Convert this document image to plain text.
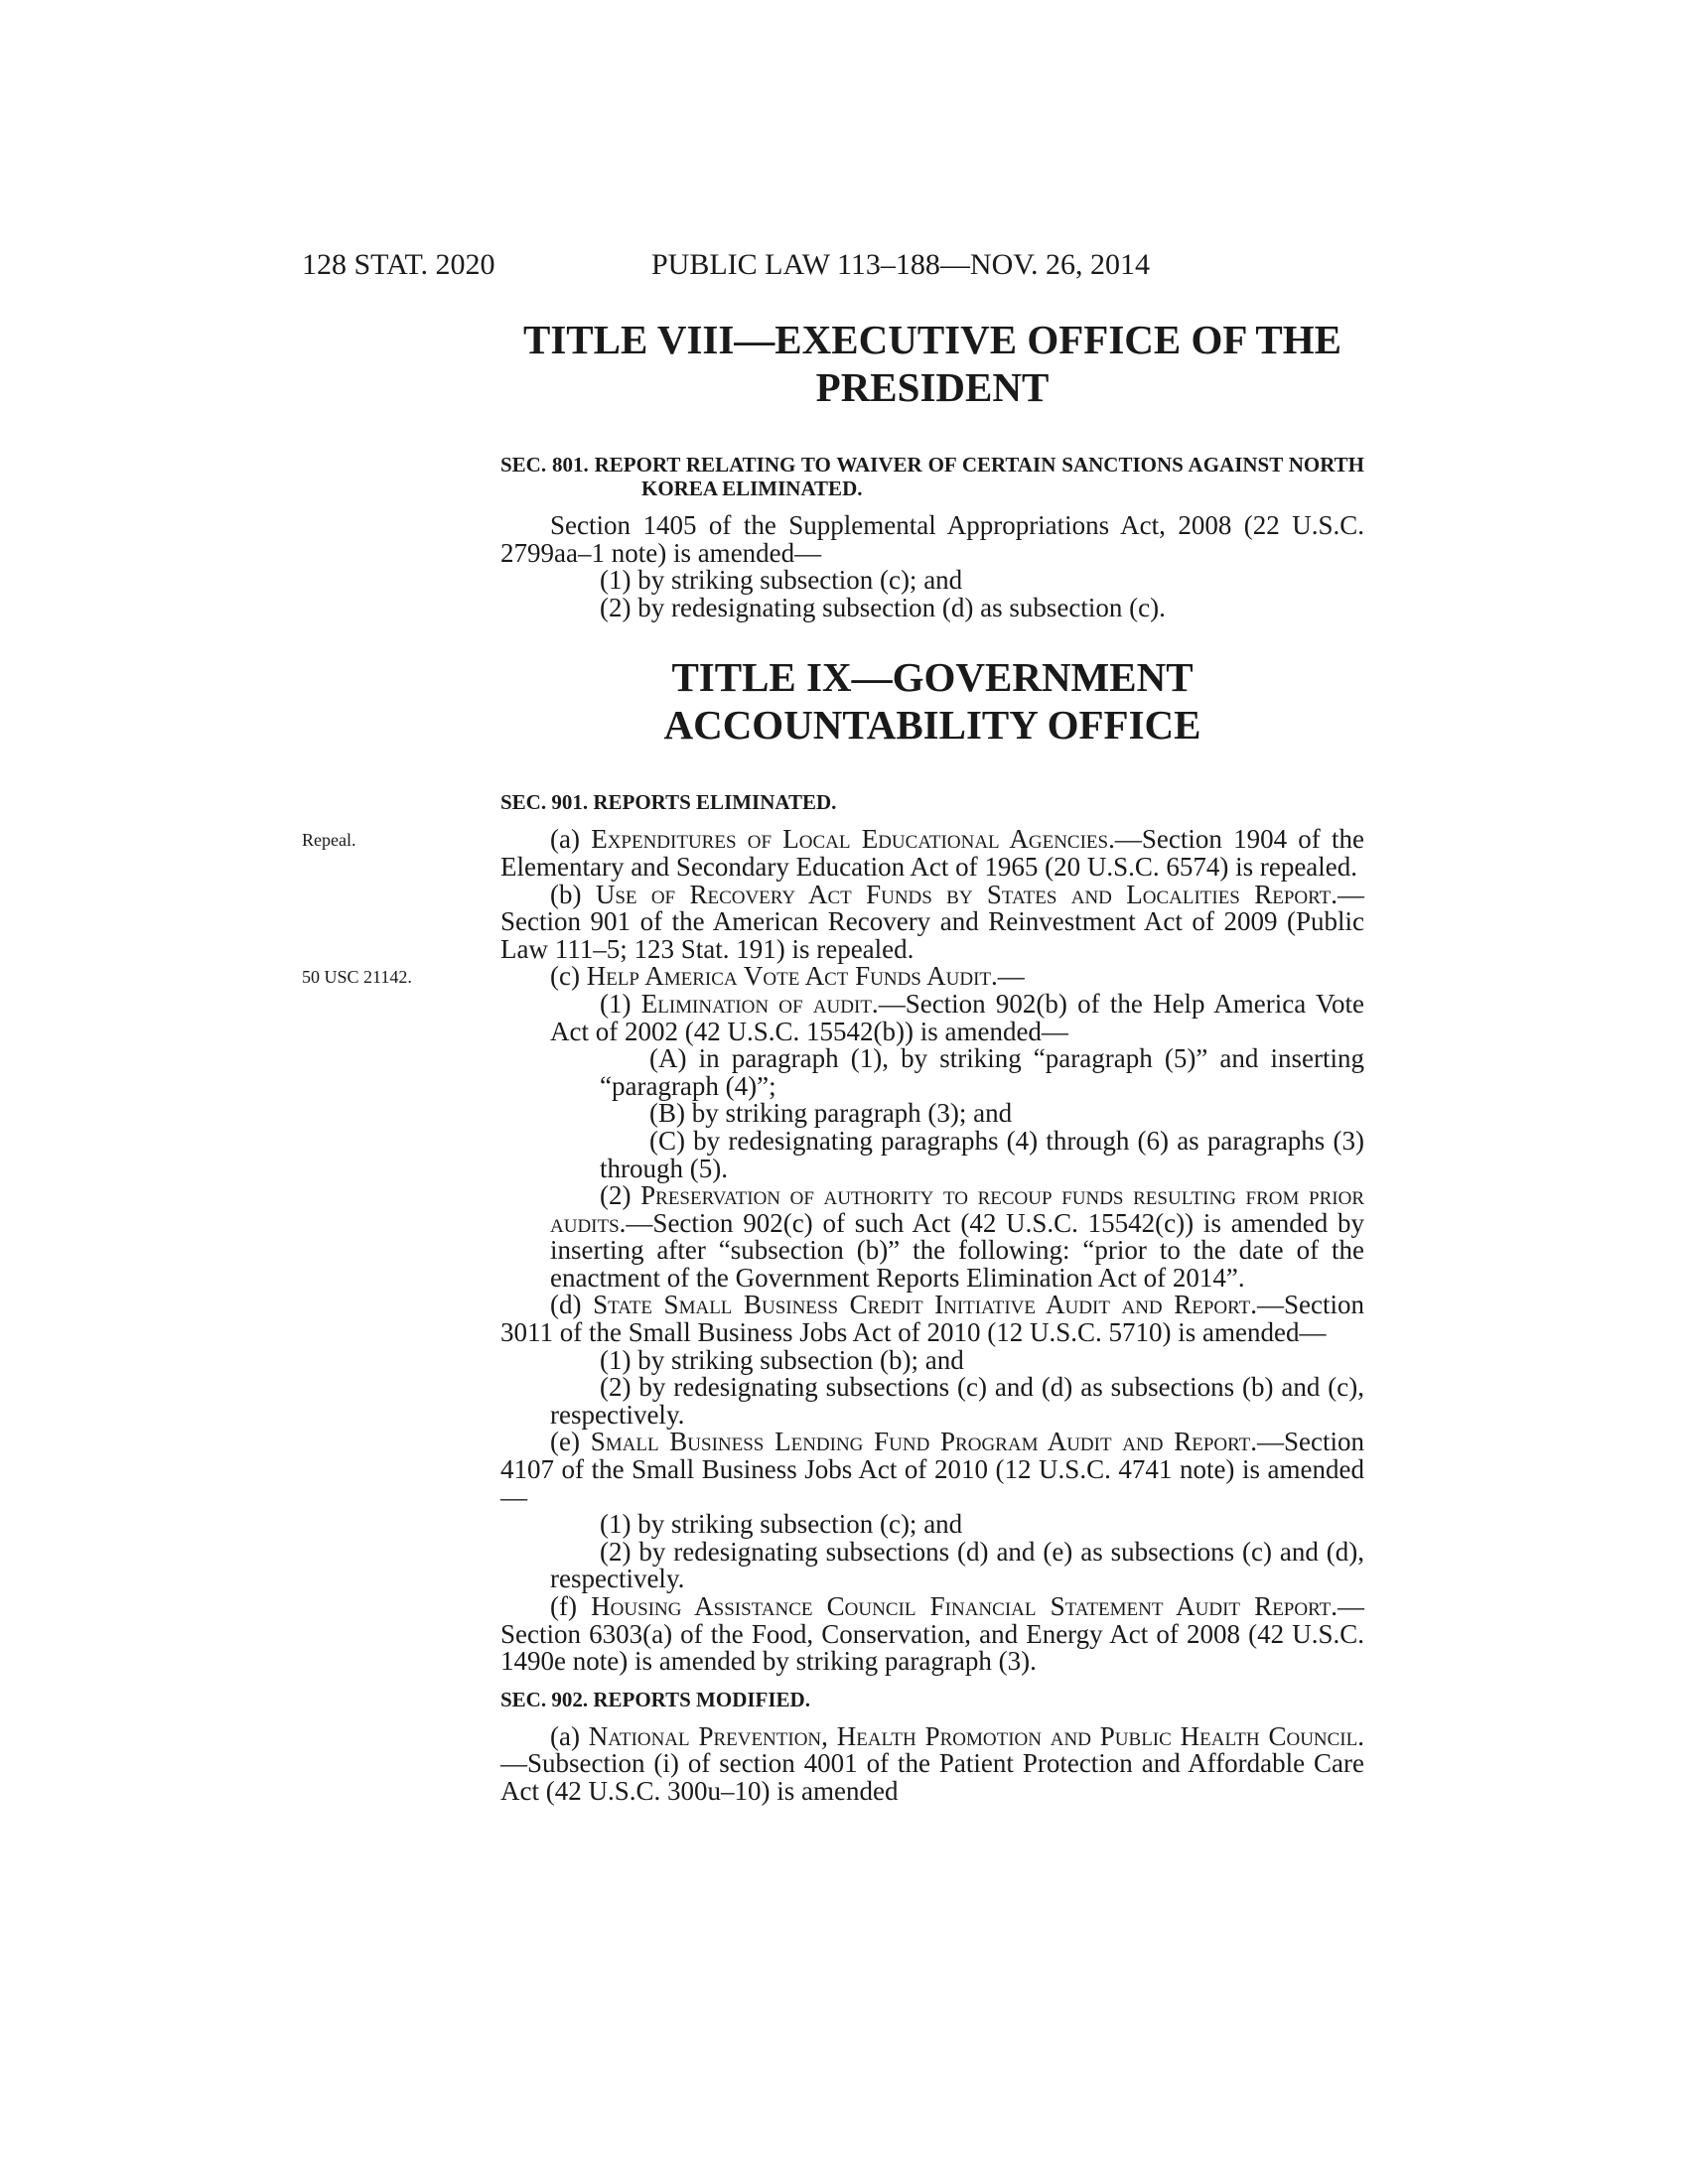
128 STAT. 2020	PUBLIC LAW 113–188—NOV. 26, 2014
TITLE VIII—EXECUTIVE OFFICE OF THE
PRESIDENT
SEC. 801. REPORT RELATING TO WAIVER OF CERTAIN SANCTIONS AGAINST NORTH KOREA ELIMINATED.

Section 1405 of the Supplemental Appropriations Act, 2008 (22 U.S.C. 2799aa–1 note) is amended—

(1) by striking subsection (c); and

(2) by redesignating subsection (d) as subsection (c).

TITLE IX—GOVERNMENT
ACCOUNTABILITY OFFICE
SEC. 901. REPORTS ELIMINATED.

Repeal.	(a) Expenditures of Local Educational Agencies.—Section 1904 of the Elementary and Secondary Education Act of 1965 (20 U.S.C. 6574) is repealed.

(b) Use of Recovery Act Funds by States and Localities Report.—Section 901 of the American Recovery and Reinvestment Act of 2009 (Public Law 111–5; 123 Stat. 191) is repealed.

50 USC 21142.	(c) Help America Vote Act Funds Audit.—

(1) Elimination of audit.—Section 902(b) of the Help America Vote Act of 2002 (42 U.S.C. 15542(b)) is amended—

(A) in paragraph (1), by striking “paragraph (5)” and inserting “paragraph (4)”;

(B) by striking paragraph (3); and

(C) by redesignating paragraphs (4) through (6) as paragraphs (3) through (5).

(2) Preservation of authority to recoup funds resulting from prior audits.—Section 902(c) of such Act (42 U.S.C. 15542(c)) is amended by inserting after “subsection (b)” the following: “prior to the date of the enactment of the Government Reports Elimination Act of 2014”.

(d) State Small Business Credit Initiative Audit and Report.—Section 3011 of the Small Business Jobs Act of 2010 (12 U.S.C. 5710) is amended—

(1) by striking subsection (b); and

(2) by redesignating subsections (c) and (d) as subsections (b) and (c), respectively.

(e) Small Business Lending Fund Program Audit and Report.—Section 4107 of the Small Business Jobs Act of 2010 (12 U.S.C. 4741 note) is amended—

(1) by striking subsection (c); and

(2) by redesignating subsections (d) and (e) as subsections (c) and (d), respectively.

(f) Housing Assistance Council Financial Statement Audit Report.—Section 6303(a) of the Food, Conservation, and Energy Act of 2008 (42 U.S.C. 1490e note) is amended by striking paragraph (3).

SEC. 902. REPORTS MODIFIED.

(a) National Prevention, Health Promotion and Public Health Council.—Subsection (i) of section 4001 of the Patient Protection and Affordable Care Act (42 U.S.C. 300u–10) is amended
